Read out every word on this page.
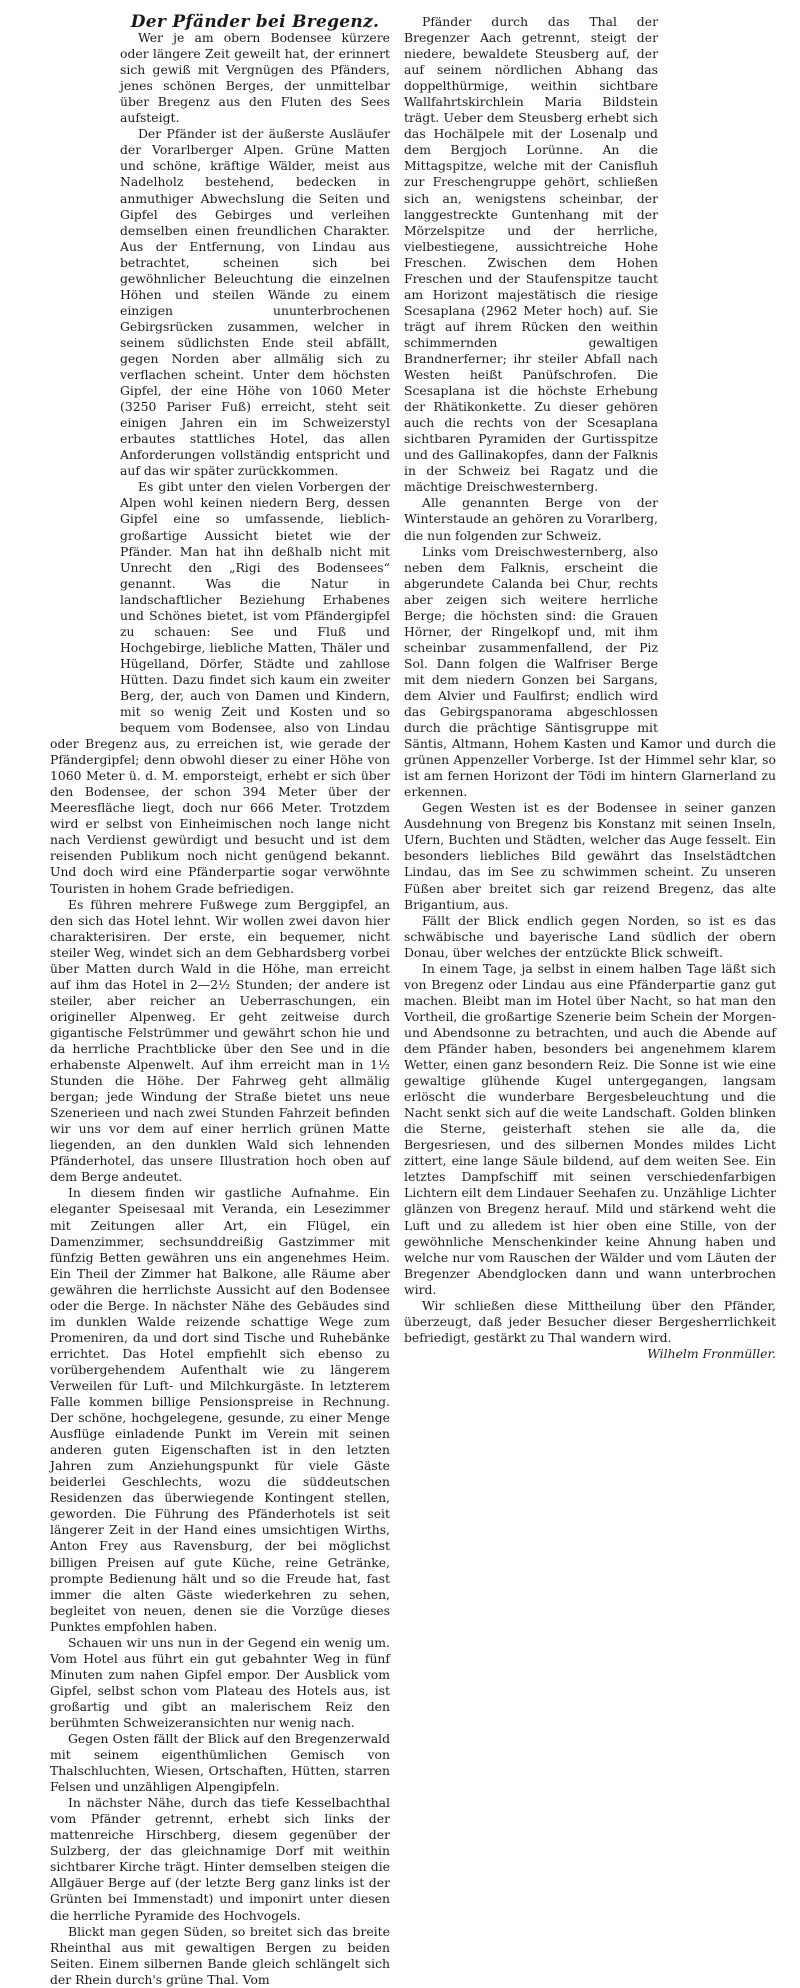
Der Pfänder bei Bregenz.

Wer je am obern Bodensee kürzere oder längere Zeit geweilt hat, der erinnert sich gewiß mit Vergnügen des Pfänders, jenes schönen Berges, der unmittelbar über Bregenz aus den Fluten des Sees aufsteigt.

Der Pfänder ist der äußerste Ausläufer der Vorarlberger Alpen. Grüne Matten und schöne, kräftige Wälder, meist aus Nadelholz bestehend, bedecken in anmuthiger Abwechslung die Seiten und Gipfel des Gebirges und verleihen demselben einen freundlichen Charakter. Aus der Entfernung, von Lindau aus betrachtet, scheinen sich bei gewöhnlicher Beleuchtung die einzelnen Höhen und steilen Wände zu einem einzigen ununterbrochenen Gebirgsrücken zusammen, welcher in seinem südlichsten Ende steil abfällt, gegen Norden aber allmälig sich zu verflachen scheint. Unter dem höchsten Gipfel, der eine Höhe von 1060 Meter (3250 Pariser Fuß) erreicht, steht seit einigen Jahren ein im Schweizerstyl erbautes stattliches Hotel, das allen Anforderungen vollständig entspricht und auf das wir später zurückkommen.

Es gibt unter den vielen Vorbergen der Alpen wohl keinen niedern Berg, dessen Gipfel eine so umfassende, lieblich-großartige Aussicht bietet wie der Pfänder. Man hat ihn deßhalb nicht mit Unrecht den „Rigi des Bodensees“ genannt. Was die Natur in landschaftlicher Beziehung Erhabenes und Schönes bietet, ist vom Pfändergipfel zu schauen: See und Fluß und Hochgebirge, liebliche Matten, Thäler und Hügelland, Dörfer, Städte und zahllose Hütten. Dazu findet sich kaum ein zweiter Berg, der, auch von Damen und Kindern, mit so wenig Zeit und Kosten und so bequem vom Bodensee, also von Lindau oder Bregenz aus, zu erreichen ist, wie gerade der Pfändergipfel; denn obwohl dieser zu einer Höhe von 1060 Meter ü. d. M. emporsteigt, erhebt er sich über den Bodensee, der schon 394 Meter über der Meeresfläche liegt, doch nur 666 Meter. Trotzdem wird er selbst von Einheimischen noch lange nicht nach Verdienst gewürdigt und besucht und ist dem reisenden Publikum noch nicht genügend bekannt. Und doch wird eine Pfänderpartie sogar verwöhnte Touristen in hohem Grade befriedigen.

Es führen mehrere Fußwege zum Berggipfel, an den sich das Hotel lehnt. Wir wollen zwei davon hier charakterisiren. Der erste, ein bequemer, nicht steiler Weg, windet sich an dem Gebhardsberg vorbei über Matten durch Wald in die Höhe, man erreicht auf ihm das Hotel in 2—2½ Stunden; der andere ist steiler, aber reicher an Ueberraschungen, ein origineller Alpenweg. Er geht zeitweise durch gigantische Felstrümmer und gewährt schon hie und da herrliche Prachtblicke über den See und in die erhabenste Alpenwelt. Auf ihm erreicht man in 1½ Stunden die Höhe. Der Fahrweg geht allmälig bergan; jede Windung der Straße bietet uns neue Szenerieen und nach zwei Stunden Fahrzeit befinden wir uns vor dem auf einer herrlich grünen Matte liegenden, an den dunklen Wald sich lehnenden Pfänderhotel, das unsere Illustration hoch oben auf dem Berge andeutet.

In diesem finden wir gastliche Aufnahme. Ein eleganter Speisesaal mit Veranda, ein Lesezimmer mit Zeitungen aller Art, ein Flügel, ein Damenzimmer, sechsunddreißig Gastzimmer mit fünfzig Betten gewähren uns ein angenehmes Heim. Ein Theil der Zimmer hat Balkone, alle Räume aber gewähren die herrlichste Aussicht auf den Bodensee oder die Berge. In nächster Nähe des Gebäudes sind im dunklen Walde reizende schattige Wege zum Promeniren, da und dort sind Tische und Ruhebänke errichtet. Das Hotel empfiehlt sich ebenso zu vorübergehendem Aufenthalt wie zu längerem Verweilen für Luft- und Milchkurgäste. In letzterem Falle kommen billige Pensionspreise in Rechnung. Der schöne, hochgelegene, gesunde, zu einer Menge Ausflüge einladende Punkt im Verein mit seinen anderen guten Eigenschaften ist in den letzten Jahren zum Anziehungspunkt für viele Gäste beiderlei Geschlechts, wozu die süddeutschen Residenzen das überwiegende Kontingent stellen, geworden. Die Führung des Pfänderhotels ist seit längerer Zeit in der Hand eines umsichtigen Wirths, Anton Frey aus Ravensburg, der bei möglichst billigen Preisen auf gute Küche, reine Getränke, prompte Bedienung hält und so die Freude hat, fast immer die alten Gäste wiederkehren zu sehen, begleitet von neuen, denen sie die Vorzüge dieses Punktes empfohlen haben.

Schauen wir uns nun in der Gegend ein wenig um. Vom Hotel aus führt ein gut gebahnter Weg in fünf Minuten zum nahen Gipfel empor. Der Ausblick vom Gipfel, selbst schon vom Plateau des Hotels aus, ist großartig und gibt an malerischem Reiz den berühmten Schweizeransichten nur wenig nach.

Gegen Osten fällt der Blick auf den Bregenzerwald mit seinem eigenthümlichen Gemisch von Thalschluchten, Wiesen, Ortschaften, Hütten, starren Felsen und unzähligen Alpengipfeln.

In nächster Nähe, durch das tiefe Kesselbachthal vom Pfänder getrennt, erhebt sich links der mattenreiche Hirschberg, diesem gegenüber der Sulzberg, der das gleichnamige Dorf mit weithin sichtbarer Kirche trägt. Hinter demselben steigen die Allgäuer Berge auf (der letzte Berg ganz links ist der Grünten bei Immenstadt) und imponirt unter diesen die herrliche Pyramide des Hochvogels.

Blickt man gegen Süden, so breitet sich das breite Rheinthal aus mit gewaltigen Bergen zu beiden Seiten. Einem silbernen Bande gleich schlängelt sich der Rhein durch's grüne Thal. Vom

Pfänder durch das Thal der Bregenzer Aach getrennt, steigt der niedere, bewaldete Steusberg auf, der auf seinem nördlichen Abhang das doppelthürmige, weithin sichtbare Wallfahrtskirchlein Maria Bildstein trägt. Ueber dem Steusberg erhebt sich das Hochälpele mit der Losenalp und dem Bergjoch Lorünne. An die Mittagspitze, welche mit der Canisfluh zur Freschengruppe gehört, schließen sich an, wenigstens scheinbar, der langgestreckte Guntenhang mit der Mörzelspitze und der herrliche, vielbestiegene, aussichtreiche Hohe Freschen. Zwischen dem Hohen Freschen und der Staufenspitze taucht am Horizont majestätisch die riesige Scesaplana (2962 Meter hoch) auf. Sie trägt auf ihrem Rücken den weithin schimmernden gewaltigen Brandnerferner; ihr steiler Abfall nach Westen heißt Panüfschrofen. Die Scesaplana ist die höchste Erhebung der Rhätikonkette. Zu dieser gehören auch die rechts von der Scesaplana sichtbaren Pyramiden der Gurtisspitze und des Gallinakopfes, dann der Falknis in der Schweiz bei Ragatz und die mächtige Dreischwesternberg.

Alle genannten Berge von der Winterstaude an gehören zu Vorarlberg, die nun folgenden zur Schweiz.

Links vom Dreischwesternberg, also neben dem Falknis, erscheint die abgerundete Calanda bei Chur, rechts aber zeigen sich weitere herrliche Berge; die höchsten sind: die Grauen Hörner, der Ringelkopf und, mit ihm scheinbar zusammenfallend, der Piz Sol. Dann folgen die Walfriser Berge mit dem niedern Gonzen bei Sargans, dem Alvier und Faulfirst; endlich wird das Gebirgspanorama abgeschlossen durch die prächtige Säntisgruppe mit Säntis, Altmann, Hohem Kasten und Kamor und durch die grünen Appenzeller Vorberge. Ist der Himmel sehr klar, so ist am fernen Horizont der Tödi im hintern Glarnerland zu erkennen.

Gegen Westen ist es der Bodensee in seiner ganzen Ausdehnung von Bregenz bis Konstanz mit seinen Inseln, Ufern, Buchten und Städten, welcher das Auge fesselt. Ein besonders liebliches Bild gewährt das Inselstädtchen Lindau, das im See zu schwimmen scheint. Zu unseren Füßen aber breitet sich gar reizend Bregenz, das alte Brigantium, aus.

Fällt der Blick endlich gegen Norden, so ist es das schwäbische und bayerische Land südlich der obern Donau, über welches der entzückte Blick schweift.

In einem Tage, ja selbst in einem halben Tage läßt sich von Bregenz oder Lindau aus eine Pfänderpartie ganz gut machen. Bleibt man im Hotel über Nacht, so hat man den Vortheil, die großartige Szenerie beim Schein der Morgen- und Abendsonne zu betrachten, und auch die Abende auf dem Pfänder haben, besonders bei angenehmem klarem Wetter, einen ganz besondern Reiz. Die Sonne ist wie eine gewaltige glühende Kugel untergegangen, langsam erlöscht die wunderbare Bergesbeleuchtung und die Nacht senkt sich auf die weite Landschaft. Golden blinken die Sterne, geisterhaft stehen sie alle da, die Bergesriesen, und des silbernen Mondes mildes Licht zittert, eine lange Säule bildend, auf dem weiten See. Ein letztes Dampfschiff mit seinen verschiedenfarbigen Lichtern eilt dem Lindauer Seehafen zu. Unzählige Lichter glänzen von Bregenz herauf. Mild und stärkend weht die Luft und zu alledem ist hier oben eine Stille, von der gewöhnliche Menschenkinder keine Ahnung haben und welche nur vom Rauschen der Wälder und vom Läuten der Bregenzer Abendglocken dann und wann unterbrochen wird.

Wir schließen diese Mittheilung über den Pfänder, überzeugt, daß jeder Besucher dieser Bergesherrlichkeit befriedigt, gestärkt zu Thal wandern wird.

Wilhelm Fronmüller.
